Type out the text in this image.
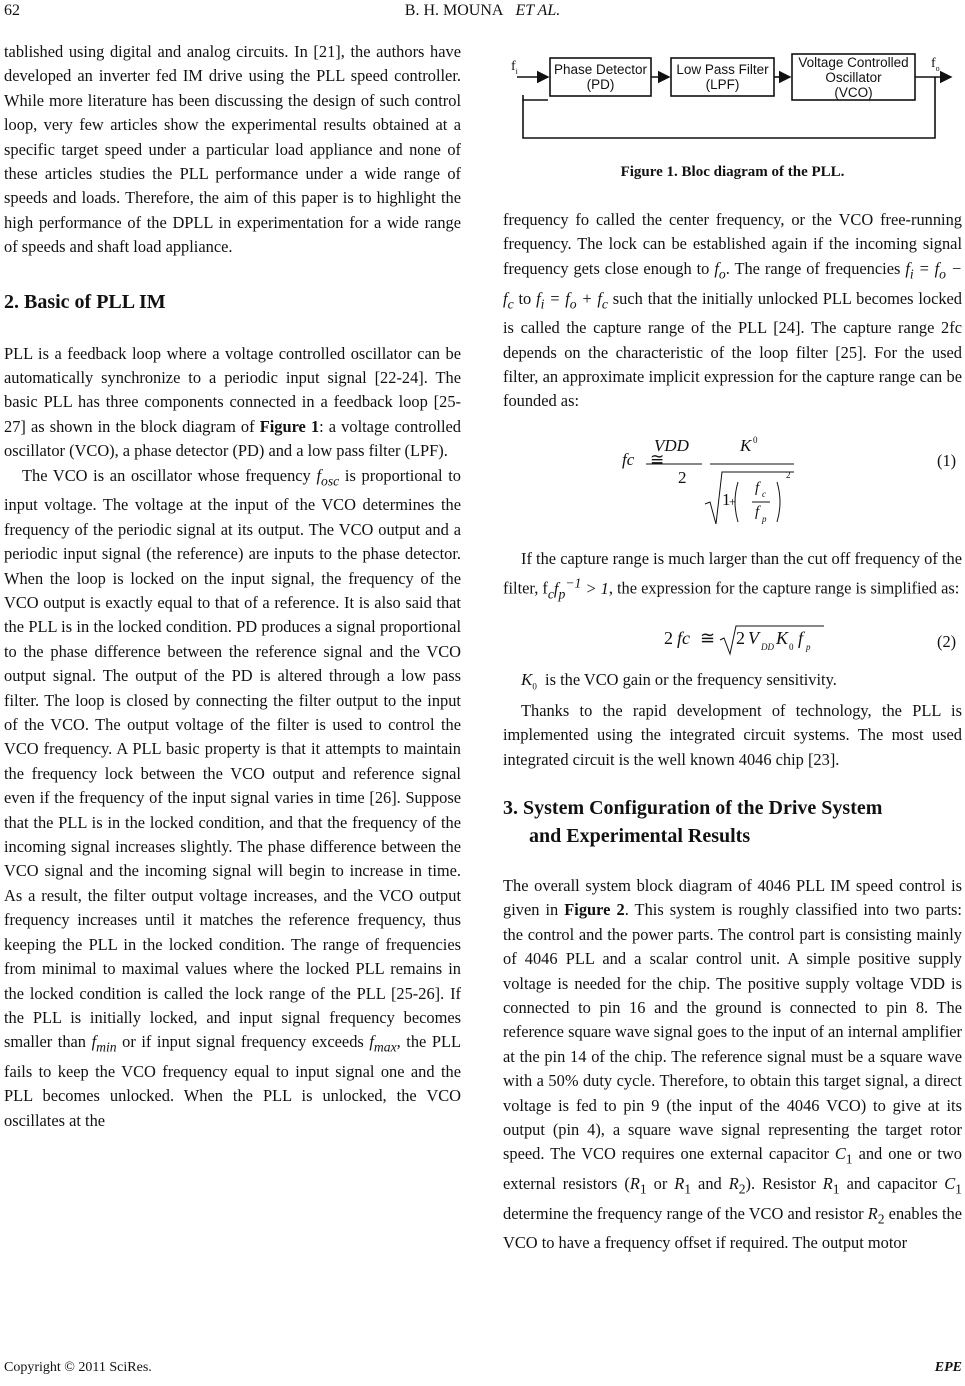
62	B. H. MOUNA ET AL.

tablished using digital and analog circuits. In [21], the authors have developed an inverter fed IM drive using the PLL speed controller. While more literature has been discussing the design of such control loop, very few articles show the experimental results obtained at a specific target speed under a particular load appliance and none of these articles studies the PLL performance under a wide range of speeds and loads. Therefore, the aim of this paper is to highlight the high performance of the DPLL in experimentation for a wide range of speeds and shaft load appliance.

2. Basic of PLL IM

PLL is a feedback loop where a voltage controlled oscillator can be automatically synchronize to a periodic input signal [22-24]. The basic PLL has three components connected in a feedback loop [25-27] as shown in the block diagram of Figure 1: a voltage controlled oscillator (VCO), a phase detector (PD) and a low pass filter (LPF).

The VCO is an oscillator whose frequency $f_{osc}$ is proportional to input voltage. The voltage at the input of the VCO determines the frequency of the periodic signal at its output. The VCO output and a periodic input signal (the reference) are inputs to the phase detector. When the loop is locked on the input signal, the frequency of the VCO output is exactly equal to that of a reference. It is also said that the PLL is in the locked condition. PD produces a signal proportional to the phase difference between the reference signal and the VCO output signal. The output of the PD is altered through a low pass filter. The loop is closed by connecting the filter output to the input of the VCO. The output voltage of the filter is used to control the VCO frequency. A PLL basic property is that it attempts to maintain the frequency lock between the VCO output and reference signal even if the frequency of the input signal varies in time [26]. Suppose that the PLL is in the locked condition, and that the frequency of the incoming signal increases slightly. The phase difference between the VCO signal and the incoming signal will begin to increase in time. As a result, the filter output voltage increases, and the VCO output frequency increases until it matches the reference frequency, thus keeping the PLL in the locked condition. The range of frequencies from minimal to maximal values where the locked PLL remains in the locked condition is called the lock range of the PLL [25-26]. If the PLL is initially locked, and input signal frequency becomes smaller than $f_{min}$ or if input signal frequency exceeds $f_{max}$, the PLL fails to keep the VCO frequency equal to input signal one and the PLL becomes unlocked. When the PLL is unlocked, the VCO oscillates at the

$f_i$
$f_o$
Phase Detector
(PD)
Low Pass Filter
(LPF)
Voltage Controlled
Oscillator
(VCO)
Figure 1. Bloc diagram of the PLL.

frequency fo called the center frequency, or the VCO free-running frequency. The lock can be established again if the incoming signal frequency gets close enough to $f_o$. The range of frequencies $f_i = f_o - f_c$ to $f_i = f_o + f_c$ such that the initially unlocked PLL becomes locked is called the capture range of the PLL [24]. The capture range 2fc depends on the characteristic of the loop filter [25]. For the used filter, an approximate implicit expression for the capture range can be founded as:

fc ≅
VDD
2
K 0
1
+
f c
f p
2
(1)

If the capture range is much larger than the cut off frequency of the filter, $f_cf_p^{-1} > 1$, the expression for the capture range is simplified as:

2 fc ≅ 2 V DD K 0 f p	(2)

$K_0$ is the VCO gain or the frequency sensitivity.

Thanks to the rapid development of technology, the PLL is implemented using the integrated circuit systems. The most used integrated circuit is the well known 4046 chip [23].

3. System Configuration of the Drive System
and Experimental Results

The overall system block diagram of 4046 PLL IM speed control is given in Figure 2. This system is roughly classified into two parts: the control and the power parts. The control part is consisting mainly of 4046 PLL and a scalar control unit. A simple positive supply voltage is needed for the chip. The positive supply voltage VDD is connected to pin 16 and the ground is connected to pin 8. The reference square wave signal goes to the input of an internal amplifier at the pin 14 of the chip. The reference signal must be a square wave with a 50% duty cycle. Therefore, to obtain this target signal, a direct voltage is fed to pin 9 (the input of the 4046 VCO) to give at its output (pin 4), a square wave signal representing the target rotor speed. The VCO requires one external capacitor $C_1$ and one or two external resistors ($R_1$ or $R_1$ and $R_2$). Resistor $R_1$ and capacitor $C_1$ determine the frequency range of the VCO and resistor $R_2$ enables the VCO to have a frequency offset if required. The output motor

Copyright © 2011 SciRes.	EPE
